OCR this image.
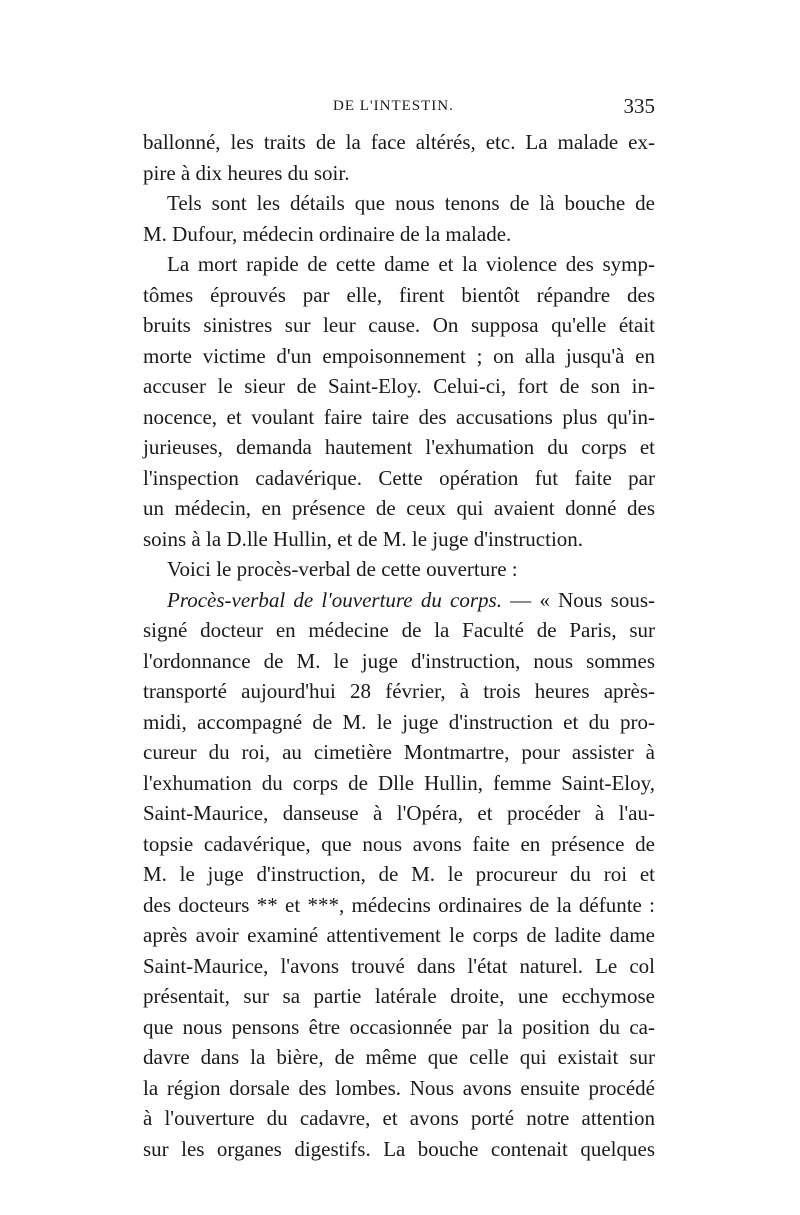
DE L'INTESTIN.	335
ballonné, les traits de la face altérés, etc. La malade ex-
pire à dix heures du soir.
Tels sont les détails que nous tenons de là bouche de
M. Dufour, médecin ordinaire de la malade.
La mort rapide de cette dame et la violence des symp-
tômes éprouvés par elle, firent bientôt répandre des
bruits sinistres sur leur cause. On supposa qu'elle était
morte victime d'un empoisonnement ; on alla jusqu'à en
accuser le sieur de Saint-Eloy. Celui-ci, fort de son in-
nocence, et voulant faire taire des accusations plus qu'in-
jurieuses, demanda hautement l'exhumation du corps et
l'inspection cadavérique. Cette opération fut faite par
un médecin, en présence de ceux qui avaient donné des
soins à la D.lle Hullin, et de M. le juge d'instruction.
Voici le procès-verbal de cette ouverture :
Procès-verbal de l'ouverture du corps. — « Nous sous-
signé docteur en médecine de la Faculté de Paris, sur
l'ordonnance de M. le juge d'instruction, nous sommes
transporté aujourd'hui 28 février, à trois heures après-
midi, accompagné de M. le juge d'instruction et du pro-
cureur du roi, au cimetière Montmartre, pour assister à
l'exhumation du corps de Dlle Hullin, femme Saint-Eloy,
Saint-Maurice, danseuse à l'Opéra, et procéder à l'au-
topsie cadavérique, que nous avons faite en présence de
M. le juge d'instruction, de M. le procureur du roi et
des docteurs ** et ***, médecins ordinaires de la défunte :
après avoir examiné attentivement le corps de ladite dame
Saint-Maurice, l'avons trouvé dans l'état naturel. Le col
présentait, sur sa partie latérale droite, une ecchymose
que nous pensons être occasionnée par la position du ca-
davre dans la bière, de même que celle qui existait sur
la région dorsale des lombes. Nous avons ensuite procédé
à l'ouverture du cadavre, et avons porté notre attention
sur les organes digestifs. La bouche contenait quelques
